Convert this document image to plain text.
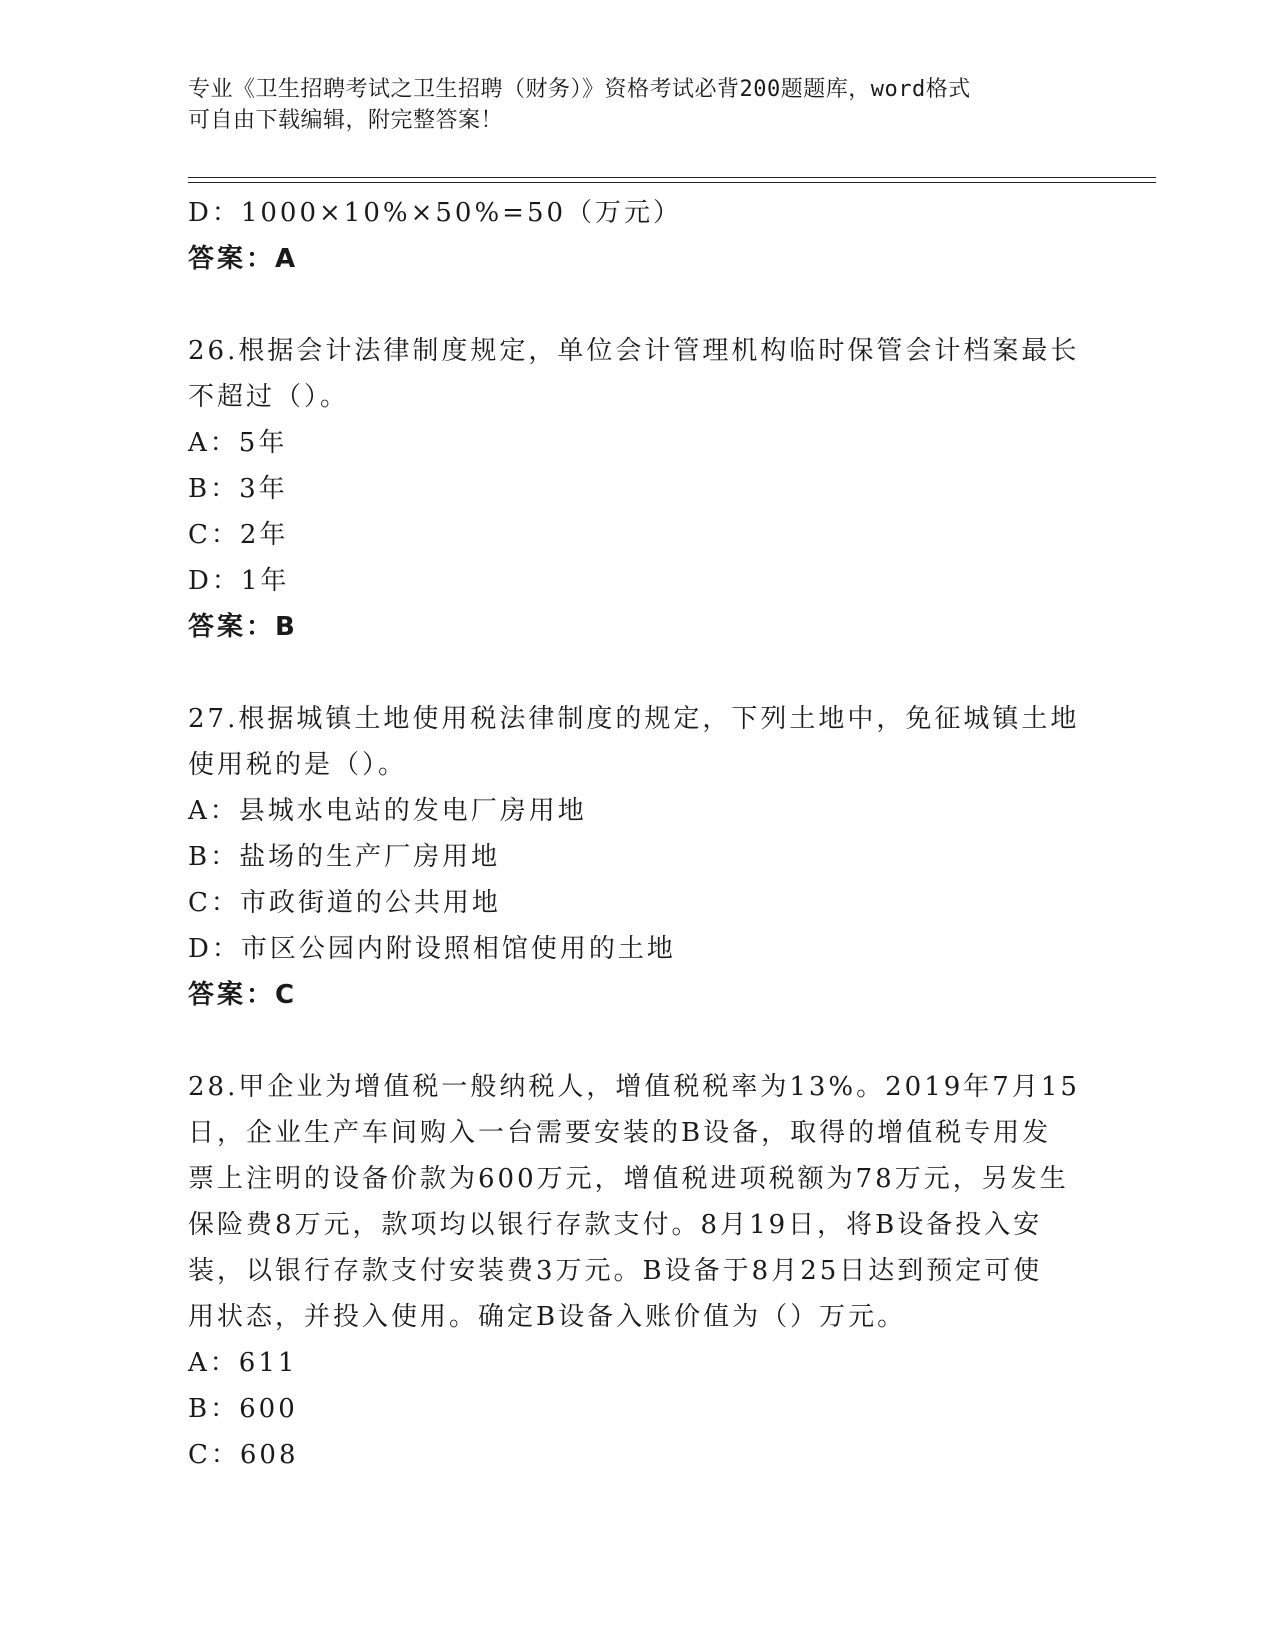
专业《卫生招聘考试之卫生招聘（财务）》资格考试必背200题题库，word格式
可自由下载编辑，附完整答案！
D：1000×10%×50%=50（万元）
答案：A
26.根据会计法律制度规定，单位会计管理机构临时保管会计档案最长
不超过（）。
A：5年
B：3年
C：2年
D：1年
答案：B
27.根据城镇土地使用税法律制度的规定，下列土地中，免征城镇土地
使用税的是（）。
A：县城水电站的发电厂房用地
B：盐场的生产厂房用地
C：市政街道的公共用地
D：市区公园内附设照相馆使用的土地
答案：C
28.甲企业为增值税一般纳税人，增值税税率为13%。2019年7月15
日，企业生产车间购入一台需要安装的B设备，取得的增值税专用发
票上注明的设备价款为600万元，增值税进项税额为78万元，另发生
保险费8万元，款项均以银行存款支付。8月19日，将B设备投入安
装，以银行存款支付安装费3万元。B设备于8月25日达到预定可使
用状态，并投入使用。确定B设备入账价值为（）万元。
A：611
B：600
C：608
